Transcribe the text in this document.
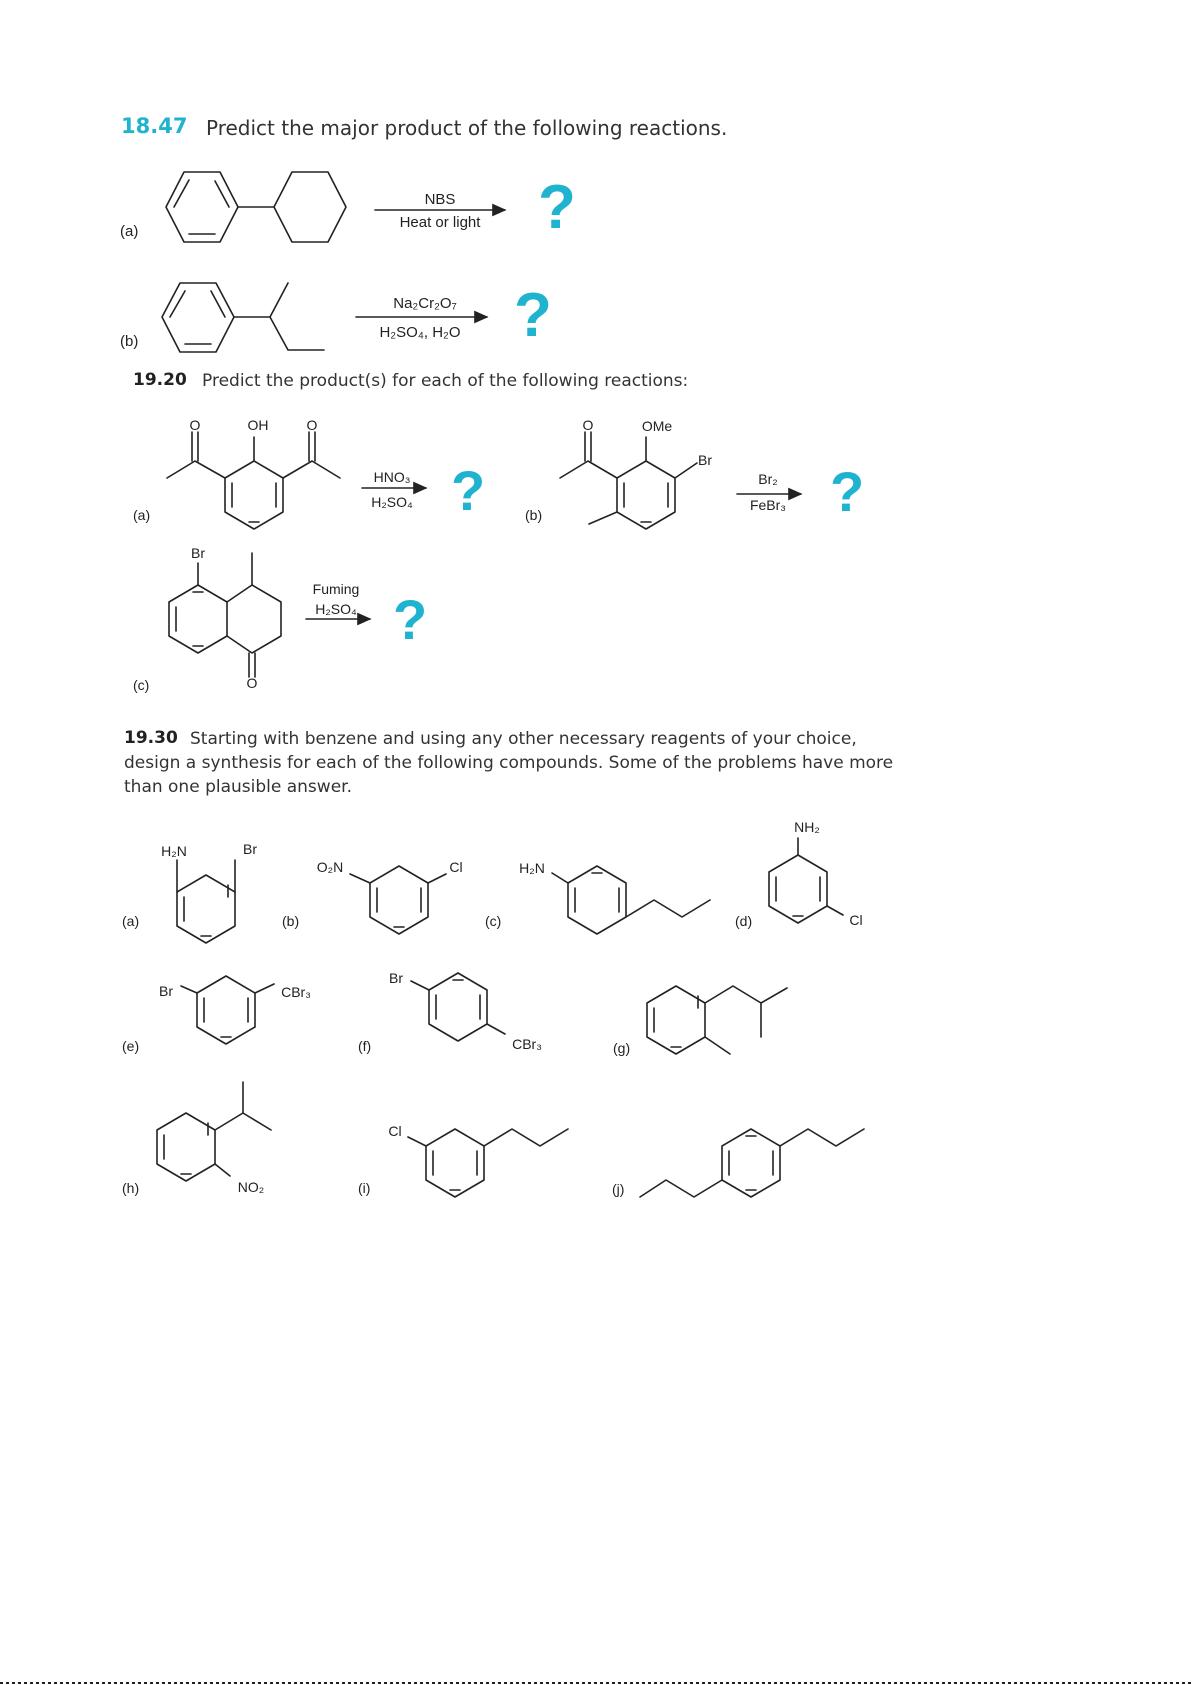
18.47 Predict the major product of the following reactions.
19.20 Predict the product(s) for each of the following reactions:
19.30 Starting with benzene and using any other necessary reagents of your choice,
design a synthesis for each of the following compounds. Some of the problems have more
than one plausible answer.
(a)
NBS
Heat or light ?
(b)
Na₂Cr₂O₇
H₂SO₄, H₂O ?
(a)
O	OH	O
HNO₃
H₂SO₄ ?	(b)
O	OMe
Br
Br₂
FeBr₃ ?
(c)
Br
O
Fuming
H₂SO₄ ?
(a)
H₂N	Br
(b)
O₂N	Cl
(c)
H₂N
(d)
NH₂
Cl
(e)
Br	CBr₃
(f)
Br
CBr₃	(g)
(h)	NO₂	(i)
Cl
(j)
